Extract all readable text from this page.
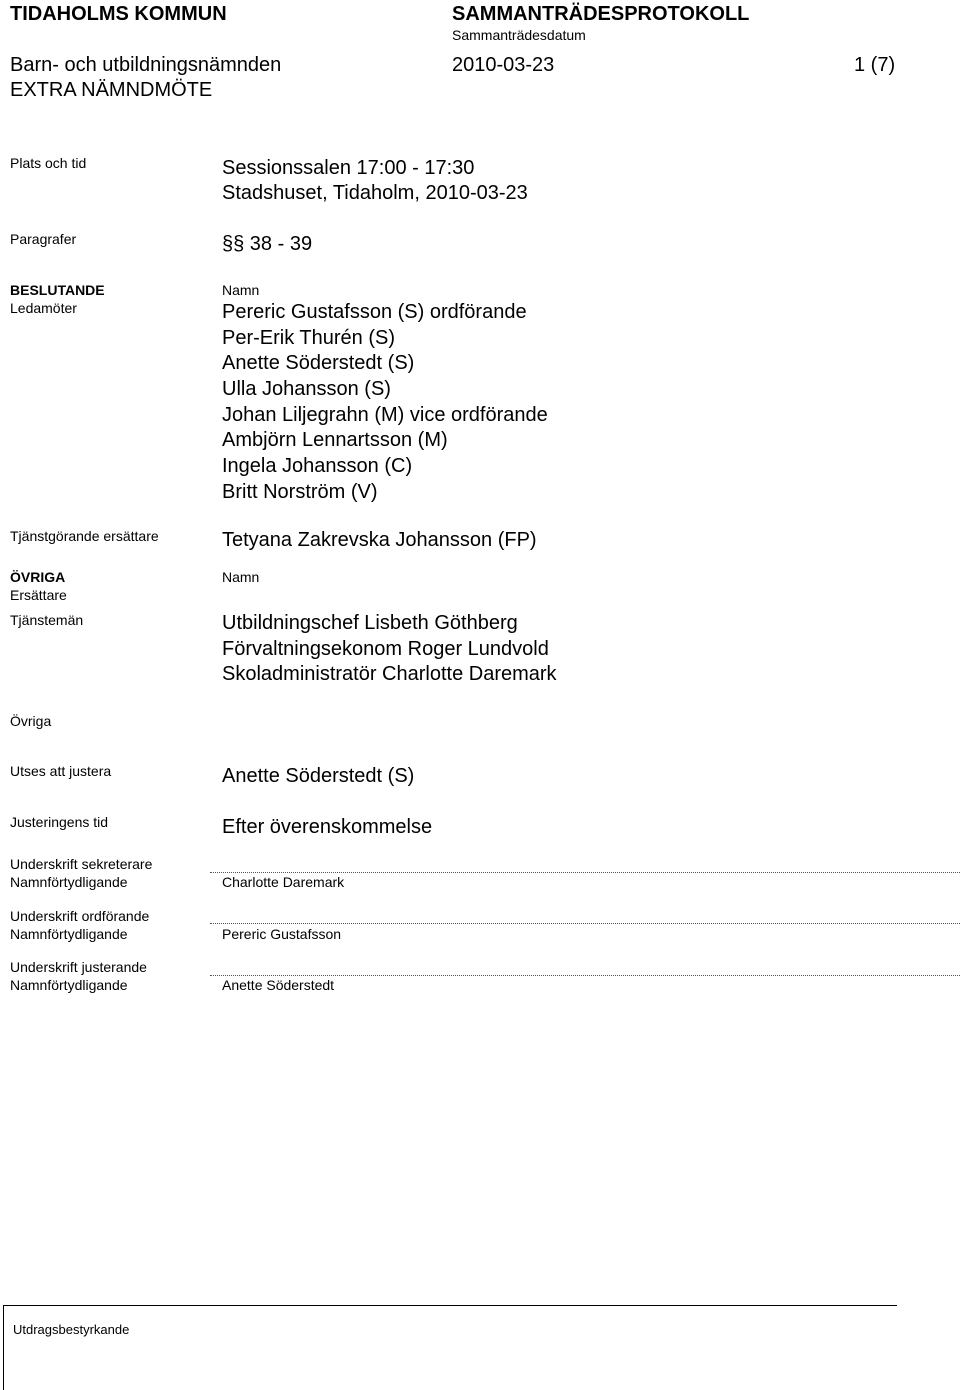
TIDAHOLMS KOMMUN	SAMMANTRÄDESPROTOKOLL
Sammanträdesdatum
Barn- och utbildningsnämnden	2010-03-23	1 (7)
EXTRA NÄMNDMÖTE
Plats och tid	Sessionssalen 17:00 - 17:30
Stadshuset, Tidaholm, 2010-03-23
Paragrafer	§§ 38 - 39
BESLUTANDE
Ledamöter
Namn
Pereric Gustafsson (S) ordförande
Per-Erik Thurén (S)
Anette Söderstedt (S)
Ulla Johansson (S)
Johan Liljegrahn (M) vice ordförande
Ambjörn Lennartsson (M)
Ingela Johansson (C)
Britt Norström (V)
Tjänstgörande ersättare	Tetyana Zakrevska Johansson (FP)
ÖVRIGA
Ersättare
Namn
Tjänstemän	Utbildningschef Lisbeth Göthberg
Förvaltningsekonom Roger Lundvold
Skoladministratör Charlotte Daremark
Övriga
Utses att justera	Anette Söderstedt (S)
Justeringens tid	Efter överenskommelse
Underskrift sekreterare
Namnförtydligande	Charlotte Daremark
Underskrift ordförande
Namnförtydligande	Pereric Gustafsson
Underskrift justerande
Namnförtydligande	Anette Söderstedt
Utdragsbestyrkande
